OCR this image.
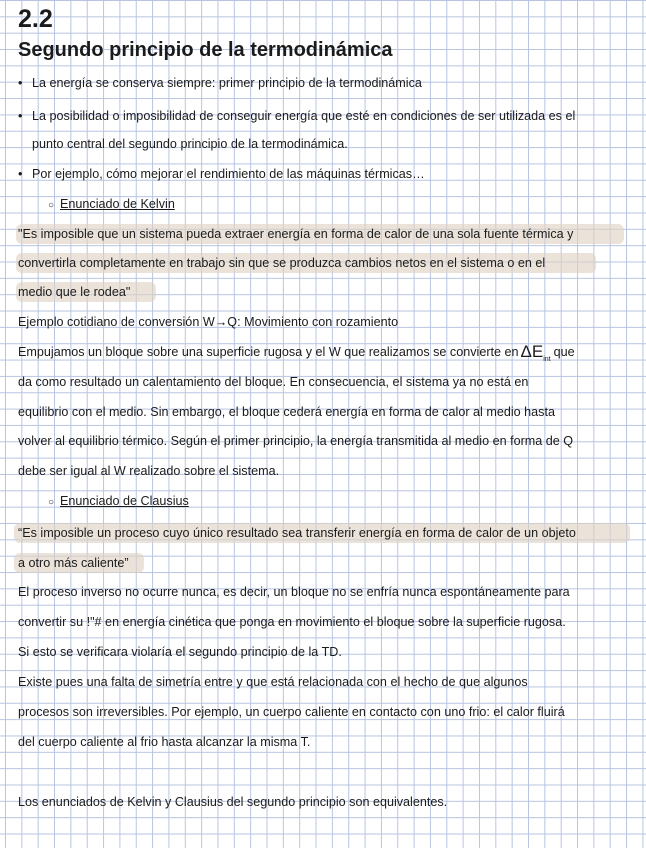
2.2
Segundo principio de la termodinámica
• La energía se conserva siempre: primer principio de la termodinámica
• La posibilidad o imposibilidad de conseguir energía que esté en condiciones de ser utilizada es el
punto central del segundo principio de la termodinámica.
• Por ejemplo, cómo mejorar el rendimiento de las máquinas térmicas…
○ Enunciado de Kelvin
"Es imposible que un sistema pueda extraer energía en forma de calor de una sola fuente térmica y
convertirla completamente en trabajo sin que se produzca cambios netos en el sistema o en el
medio que le rodea"
Ejemplo cotidiano de conversión W→Q: Movimiento con rozamiento
Empujamos un bloque sobre una superficie rugosa y el W que realizamos se convierte en $\Delta E_{int}que$
da como resultado un calentamiento del bloque. En consecuencia, el sistema ya no está en
equilibrio con el medio. Sin embargo, el bloque cederá energía en forma de calor al medio hasta
volver al equilibrio térmico. Según el primer principio, la energía transmitida al medio en forma de Q
debe ser igual al W realizado sobre el sistema.
○ Enunciado de Clausius
“Es imposible un proceso cuyo único resultado sea transferir energía en forma de calor de un objeto
a otro más caliente”
El proceso inverso no ocurre nunca, es decir, un bloque no se enfría nunca espontáneamente para
convertir su !"# en energía cinética que ponga en movimiento el bloque sobre la superficie rugosa.
Si esto se verificara violaría el segundo principio de la TD.
Existe pues una falta de simetría entre y que está relacionada con el hecho de que algunos
procesos son irreversibles. Por ejemplo, un cuerpo caliente en contacto con uno frio: el calor fluirá
del cuerpo caliente al frio hasta alcanzar la misma T.
Los enunciados de Kelvin y Clausius del segundo principio son equivalentes.
